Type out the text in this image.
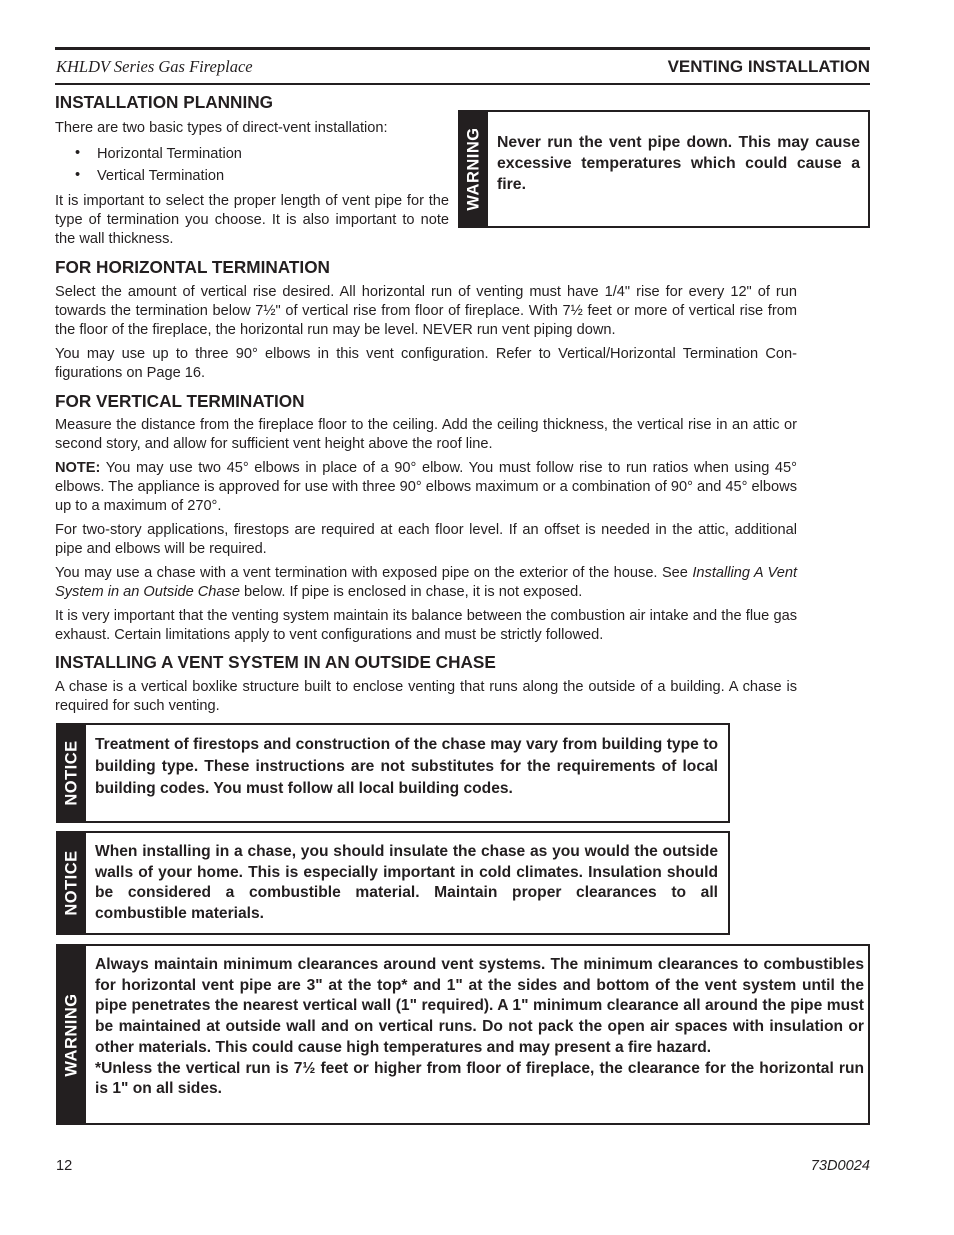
KHLDV Series Gas Fireplace	VENTING INSTALLATION
INSTALLATION PLANNING

There are two basic types of direct-vent installation:

• Horizontal Termination
• Vertical Termination

It is important to select the proper length of vent pipe for the type of termination you choose. It is also important to note the wall thickness.

WARNING Never run the vent pipe down. This may cause excessive temperatures which could cause a fire.
FOR HORIZONTAL TERMINATION

Select the amount of vertical rise desired. All horizontal run of venting must have 1/4" rise for every 12" of run towards the termination below 7½" of vertical rise from floor of fireplace. With 7½ feet or more of vertical rise from the floor of the fireplace, the horizontal run may be level. NEVER run vent piping down.

You may use up to three 90° elbows in this vent configuration. Refer to Vertical/Horizontal Termination Con-figurations on Page 16.

FOR VERTICAL TERMINATION

Measure the distance from the fireplace floor to the ceiling. Add the ceiling thickness, the vertical rise in an attic or second story, and allow for sufficient vent height above the roof line.

NOTE: You may use two 45° elbows in place of a 90° elbow. You must follow rise to run ratios when using 45° elbows. The appliance is approved for use with three 90° elbows maximum or a combination of 90° and 45° elbows up to a maximum of 270°.

For two-story applications, firestops are required at each floor level. If an offset is needed in the attic, additional pipe and elbows will be required.

You may use a chase with a vent termination with exposed pipe on the exterior of the house. See Installing A Vent System in an Outside Chase below. If pipe is enclosed in chase, it is not exposed.

It is very important that the venting system maintain its balance between the combustion air intake and the flue gas exhaust. Certain limitations apply to vent configurations and must be strictly followed.

INSTALLING A VENT SYSTEM IN AN OUTSIDE CHASE

A chase is a vertical boxlike structure built to enclose venting that runs along the outside of a building. A chase is required for such venting.

NOTICE Treatment of firestops and construction of the chase may vary from building type to building type. These instructions are not substitutes for the requirements of local building codes. You must follow all local building codes.
NOTICE When installing in a chase, you should insulate the chase as you would the outside walls of your home. This is especially important in cold climates. Insulation should be considered a combustible material. Maintain proper clearances to all combustible materials.
WARNING
Always maintain minimum clearances around vent systems. The minimum clearances to combustibles for horizontal vent pipe are 3" at the top* and 1" at the sides and bottom of the vent system until the pipe penetrates the nearest vertical wall (1" required). A 1" minimum clearance all around the pipe must be maintained at outside wall and on vertical runs. Do not pack the open air spaces with insulation or other materials. This could cause high temperatures and may present a fire hazard.
*Unless the vertical run is 7½ feet or higher from floor of fireplace, the clearance for the horizontal run is 1" on all sides.
12	73D0024
